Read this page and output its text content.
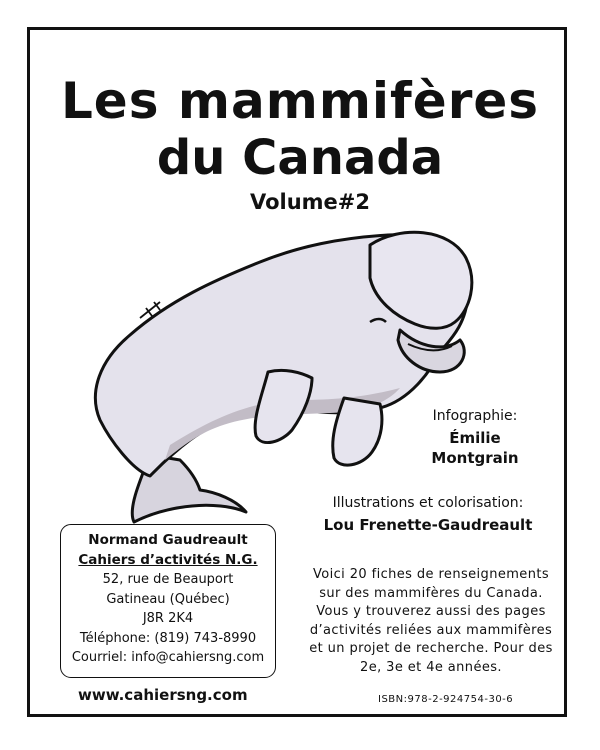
Les mammifères
du Canada
Volume#2
Infographie:
Émilie
Montgrain
Illustrations et colorisation:
Lou Frenette-Gaudreault
Voici 20 fiches de renseignements
sur des mammifères du Canada.
Vous y trouverez aussi des pages
d’activités reliées aux mammifères
et un projet de recherche. Pour des
2e, 3e et 4e années.
Normand Gaudreault
Cahiers d’activités N.G.
52, rue de Beauport
Gatineau (Québec)
J8R 2K4
Téléphone: (819) 743-8990
Courriel: info@cahiersng.com
www.cahiersng.com	ISBN:978-2-924754-30-6
